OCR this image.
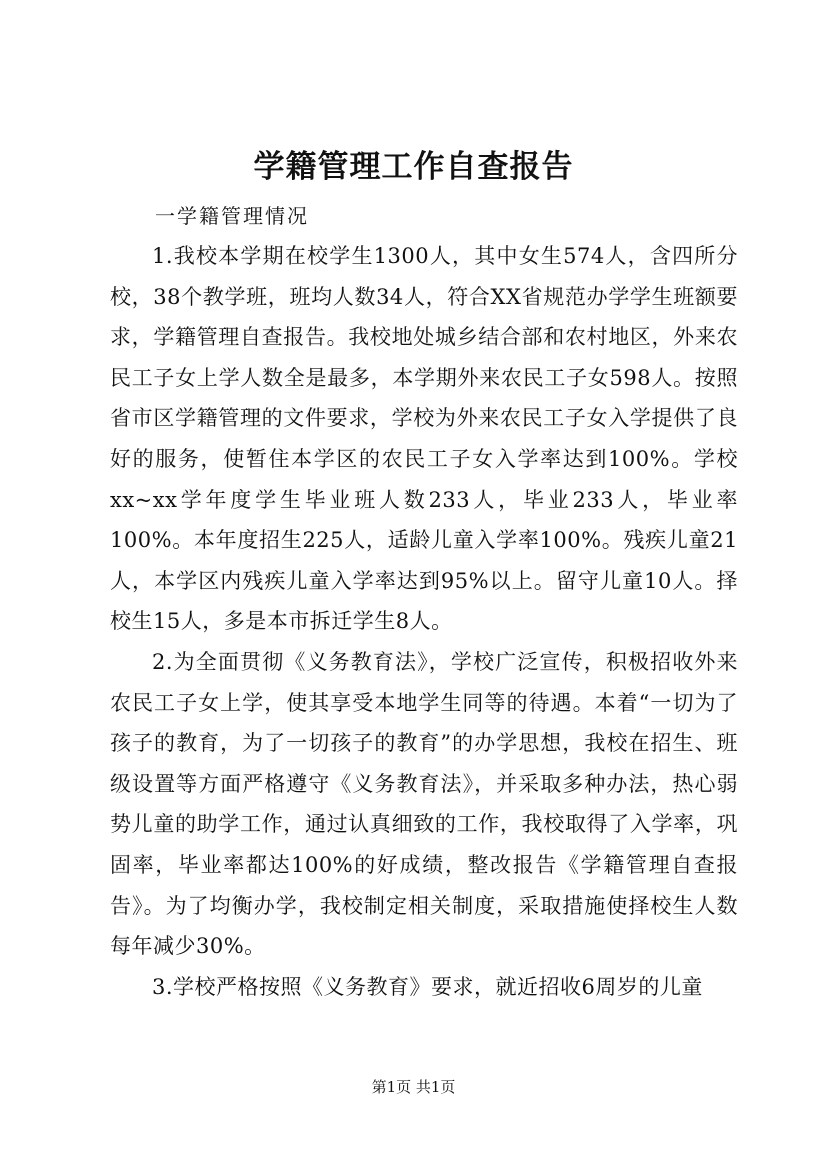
学籍管理工作自查报告
一学籍管理情况

1.我校本学期在校学生1300人，其中女生574人，含四所分校，38个教学班，班均人数34人，符合XX省规范办学学生班额要求，学籍管理自查报告。我校地处城乡结合部和农村地区，外来农民工子女上学人数全是最多，本学期外来农民工子女598人。按照省市区学籍管理的文件要求，学校为外来农民工子女入学提供了良好的服务，使暂住本学区的农民工子女入学率达到100%。学校xx~xx学年度学生毕业班人数233人，毕业233人，毕业率100%。本年度招生225人，适龄儿童入学率100%。残疾儿童21人，本学区内残疾儿童入学率达到95%以上。留守儿童10人。择校生15人，多是本市拆迁学生8人。

2.为全面贯彻《义务教育法》，学校广泛宣传，积极招收外来农民工子女上学，使其享受本地学生同等的待遇。本着“一切为了孩子的教育，为了一切孩子的教育”的办学思想，我校在招生、班级设置等方面严格遵守《义务教育法》，并采取多种办法，热心弱势儿童的助学工作，通过认真细致的工作，我校取得了入学率，巩固率，毕业率都达100%的好成绩，整改报告《学籍管理自查报告》。为了均衡办学，我校制定相关制度，采取措施使择校生人数每年减少30%。

3.学校严格按照《义务教育》要求，就近招收6周岁的儿童

第1页 共1页
